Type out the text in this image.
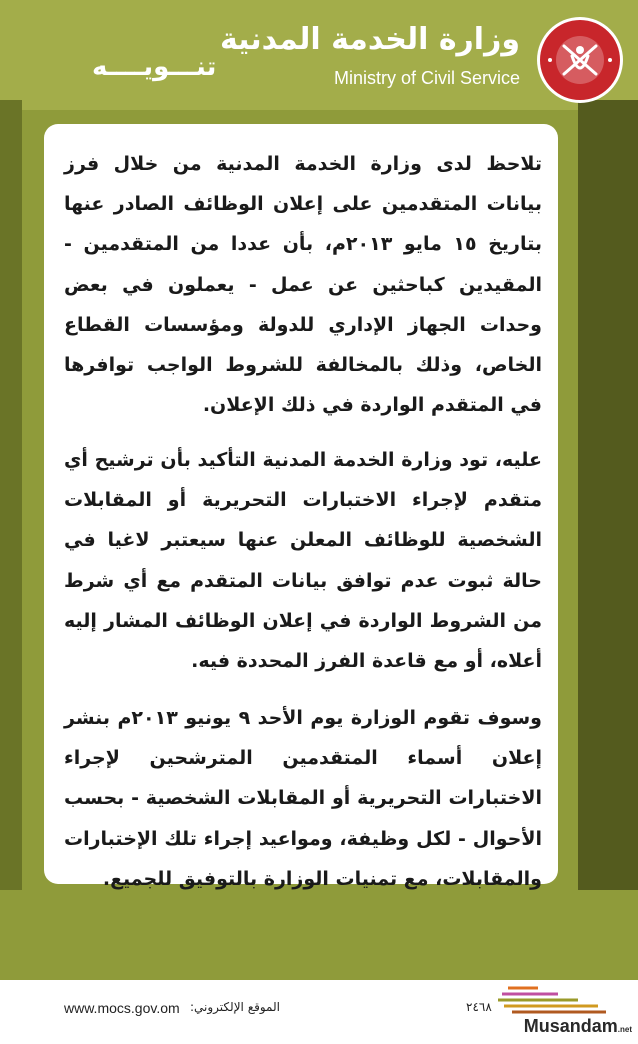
وزارة الخدمة المدنية
Ministry of Civil Service
تنـــويــــه
تلاحظ لدى وزارة الخدمة المدنية من خلال فرز بيانات المتقدمين على إعلان الوظائف الصادر عنها بتاريخ ١٥ مايو ٢٠١٣م، بأن عددا من المتقدمين - المقيدين كباحثين عن عمل - يعملون في بعض وحدات الجهاز الإداري للدولة ومؤسسات القطاع الخاص، وذلك بالمخالفة للشروط الواجب توافرها في المتقدم الواردة في ذلك الإعلان.
عليه، تود وزارة الخدمة المدنية التأكيد بأن ترشيح أي متقدم لإجراء الاختبارات التحريرية أو المقابلات الشخصية للوظائف المعلن عنها سيعتبر لاغيا في حالة ثبوت عدم توافق بيانات المتقدم مع أي شرط من الشروط الواردة في إعلان الوظائف المشار إليه أعلاه، أو مع قاعدة الفرز المحددة فيه.
وسوف تقوم الوزارة يوم الأحد ٩ يونيو ٢٠١٣م بنشر إعلان أسماء المتقدمين المترشحين لإجراء الاختبارات التحريرية أو المقابلات الشخصية - بحسب الأحوال - لكل وظيفة، ومواعيد إجراء تلك الإختبارات والمقابلات، مع تمنيات الوزارة بالتوفيق للجميع.
www.mocs.gov.om الموقع الإلكتروني:	٢٤٦٨
Musandam.net
